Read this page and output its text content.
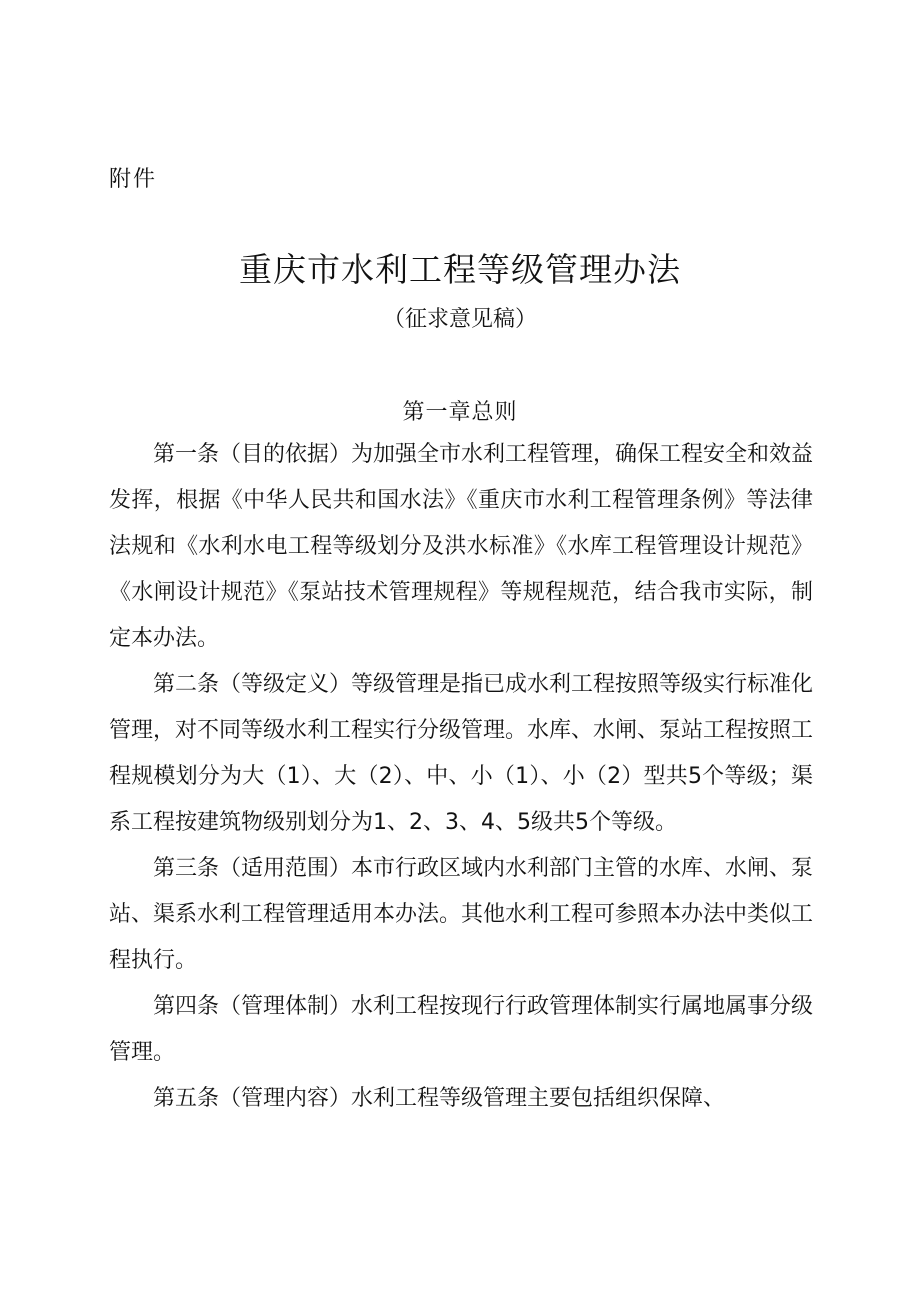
附件
重庆市水利工程等级管理办法
（征求意见稿）
第一章总则

第一条（目的依据）为加强全市水利工程管理，确保工程安全和效益发挥，根据《中华人民共和国水法》《重庆市水利工程管理条例》等法律法规和《水利水电工程等级划分及洪水标准》《水库工程管理设计规范》《水闸设计规范》《泵站技术管理规程》等规程规范，结合我市实际，制定本办法。

第二条（等级定义）等级管理是指已成水利工程按照等级实行标准化管理，对不同等级水利工程实行分级管理。水库、水闸、泵站工程按照工程规模划分为大（1）、大（2）、中、小（1）、小（2）型共5个等级；渠系工程按建筑物级别划分为1、2、3、4、5级共5个等级。

第三条（适用范围）本市行政区域内水利部门主管的水库、水闸、泵站、渠系水利工程管理适用本办法。其他水利工程可参照本办法中类似工程执行。

第四条（管理体制）水利工程按现行行政管理体制实行属地属事分级管理。

第五条（管理内容）水利工程等级管理主要包括组织保障、
